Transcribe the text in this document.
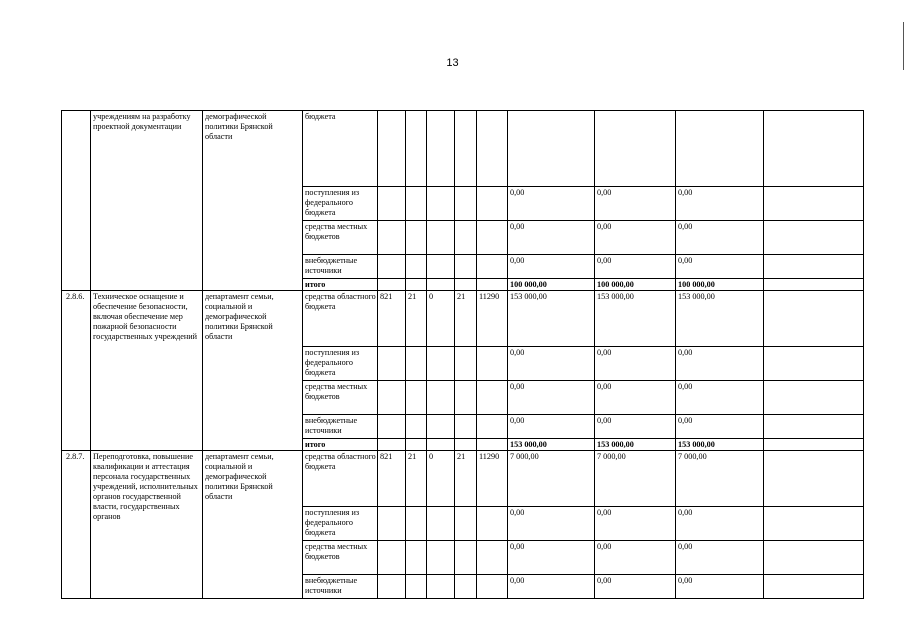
13
	учреждениям на разработку проектной документации	демографической политики Брянской области	бюджета									
			поступления из федерального бюджета						0,00	0,00	0,00	
			средства местных бюджетов						0,00	0,00	0,00	
			внебюджетные источники						0,00	0,00	0,00	
			итого						100 000,00	100 000,00	100 000,00	
2.8.6.	Техническое оснащение и обеспечение безопасности, включая обеспечение мер пожарной безопасности государственных учреждений	департамент семьи, социальной и демографической политики Брянской области	средства областного бюджета	821	21	0	21	11290	153 000,00	153 000,00	153 000,00	
			поступления из федерального бюджета						0,00	0,00	0,00	
			средства местных бюджетов						0,00	0,00	0,00	
			внебюджетные источники						0,00	0,00	0,00	
			итого						153 000,00	153 000,00	153 000,00	
2.8.7.	Переподготовка, повышение квалификации и аттестация персонала государственных учреждений, исполнительных органов государственной власти, государственных органов	департамент семьи, социальной и демографической политики Брянской области	средства областного бюджета	821	21	0	21	11290	7 000,00	7 000,00	7 000,00	
			поступления из федерального бюджета						0,00	0,00	0,00	
			средства местных бюджетов						0,00	0,00	0,00	
			внебюджетные источники						0,00	0,00	0,00	
